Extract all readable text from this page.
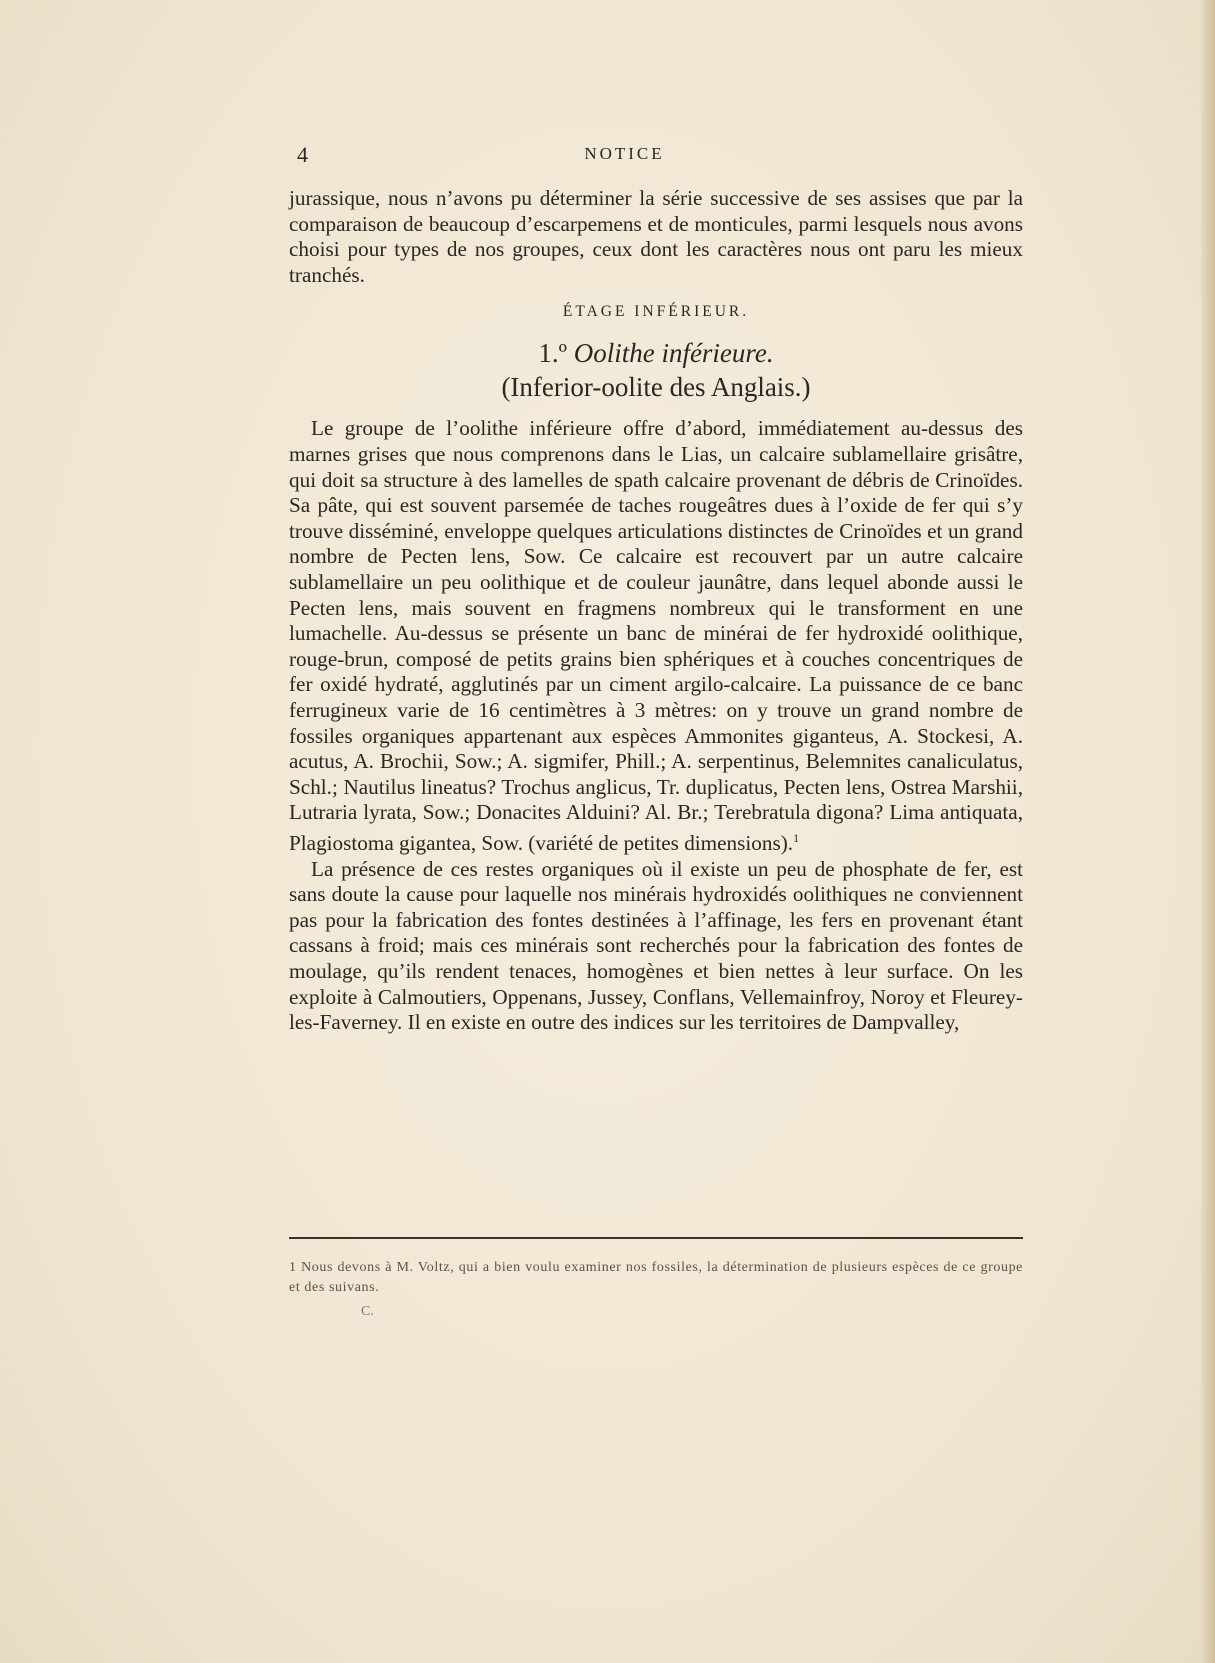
4	NOTICE

jurassique, nous n’avons pu déterminer la série successive de ses assises que par la comparaison de beaucoup d’escarpemens et de monticules, parmi lesquels nous avons choisi pour types de nos groupes, ceux dont les caractères nous ont paru les mieux tranchés.

ÉTAGE INFÉRIEUR.
1.º Oolithe inférieure.
(Inferior-oolite des Anglais.)

Le groupe de l’oolithe inférieure offre d’abord, immédiatement au-dessus des marnes grises que nous comprenons dans le Lias, un calcaire sublamellaire grisâtre, qui doit sa structure à des lamelles de spath calcaire provenant de débris de Crinoïdes. Sa pâte, qui est souvent parsemée de taches rougeâtres dues à l’oxide de fer qui s’y trouve disséminé, enveloppe quelques articulations distinctes de Crinoïdes et un grand nombre de Pecten lens, Sow. Ce calcaire est recouvert par un autre calcaire sublamellaire un peu oolithique et de couleur jaunâtre, dans lequel abonde aussi le Pecten lens, mais souvent en fragmens nombreux qui le transforment en une lumachelle. Au-dessus se présente un banc de minérai de fer hydroxidé oolithique, rouge-brun, composé de petits grains bien sphériques et à couches concentriques de fer oxidé hydraté, agglutinés par un ciment argilo-calcaire. La puissance de ce banc ferrugineux varie de 16 centimètres à 3 mètres: on y trouve un grand nombre de fossiles organiques appartenant aux espèces Ammonites giganteus, A. Stockesi, A. acutus, A. Brochii, Sow.; A. sigmifer, Phill.; A. serpentinus, Belemnites canaliculatus, Schl.; Nautilus lineatus? Trochus anglicus, Tr. duplicatus, Pecten lens, Ostrea Marshii, Lutraria lyrata, Sow.; Donacites Alduini? Al. Br.; Terebratula digona? Lima antiquata, Plagiostoma gigantea, Sow. (variété de petites dimensions).$^1$

La présence de ces restes organiques où il existe un peu de phosphate de fer, est sans doute la cause pour laquelle nos minérais hydroxidés oolithiques ne conviennent pas pour la fabrication des fontes destinées à l’affinage, les fers en provenant étant cassans à froid; mais ces minérais sont recherchés pour la fabrication des fontes de moulage, qu’ils rendent tenaces, homogènes et bien nettes à leur surface. On les exploite à Calmoutiers, Oppenans, Jussey, Conflans, Vellemainfroy, Noroy et Fleurey-les-Faverney. Il en existe en outre des indices sur les territoires de Dampvalley,

1 Nous devons à M. Voltz, qui a bien voulu examiner nos fossiles, la détermination de plusieurs espèces de ce groupe et des suivans.
C.
